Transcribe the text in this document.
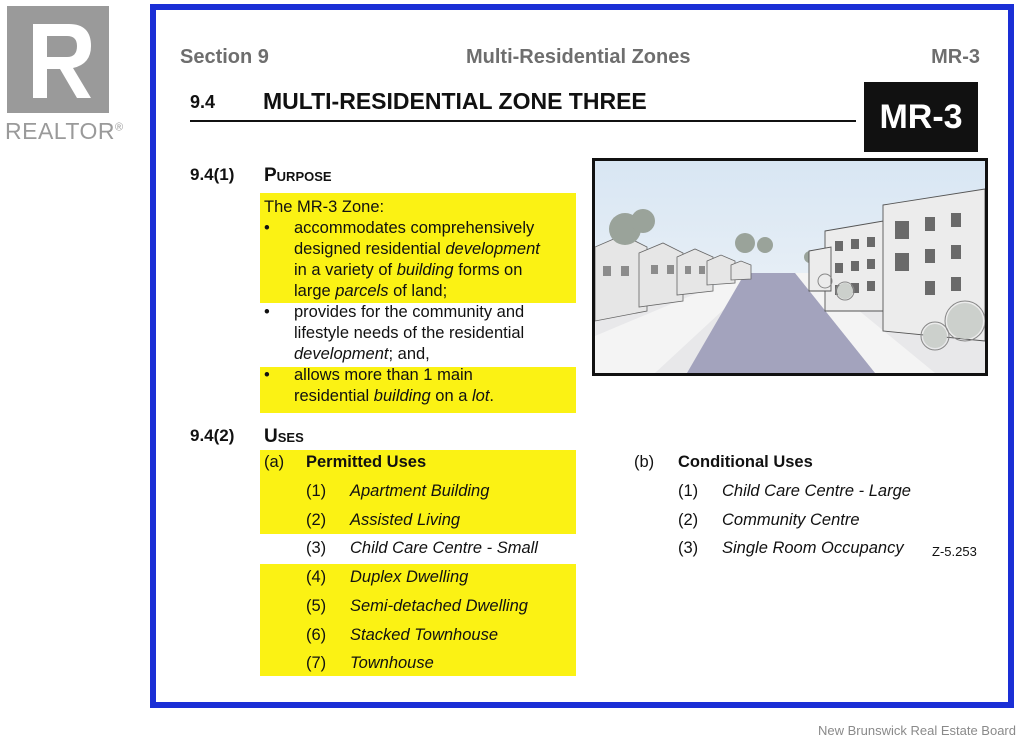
REALTOR®
New Brunswick Real Estate Board
Section 9	Multi-Residential Zones	MR-3
9.4 MULTI-RESIDENTIAL ZONE THREE	MR-3
9.4(1) Purpose
The MR-3 Zone:
• accommodates comprehensively
designed residential development
in a variety of building forms on
large parcels of land;
• provides for the community and
lifestyle needs of the residential
development; and,
• allows more than 1 main
residential building on a lot.
9.4(2) Uses
(a) Permitted Uses
(1) Apartment Building
(2) Assisted Living
(3) Child Care Centre - Small
(4) Duplex Dwelling
(5) Semi-detached Dwelling
(6) Stacked Townhouse
(7) Townhouse
(b) Conditional Uses
(1) Child Care Centre - Large
(2) Community Centre
(3) Single Room Occupancy Z-5.253
